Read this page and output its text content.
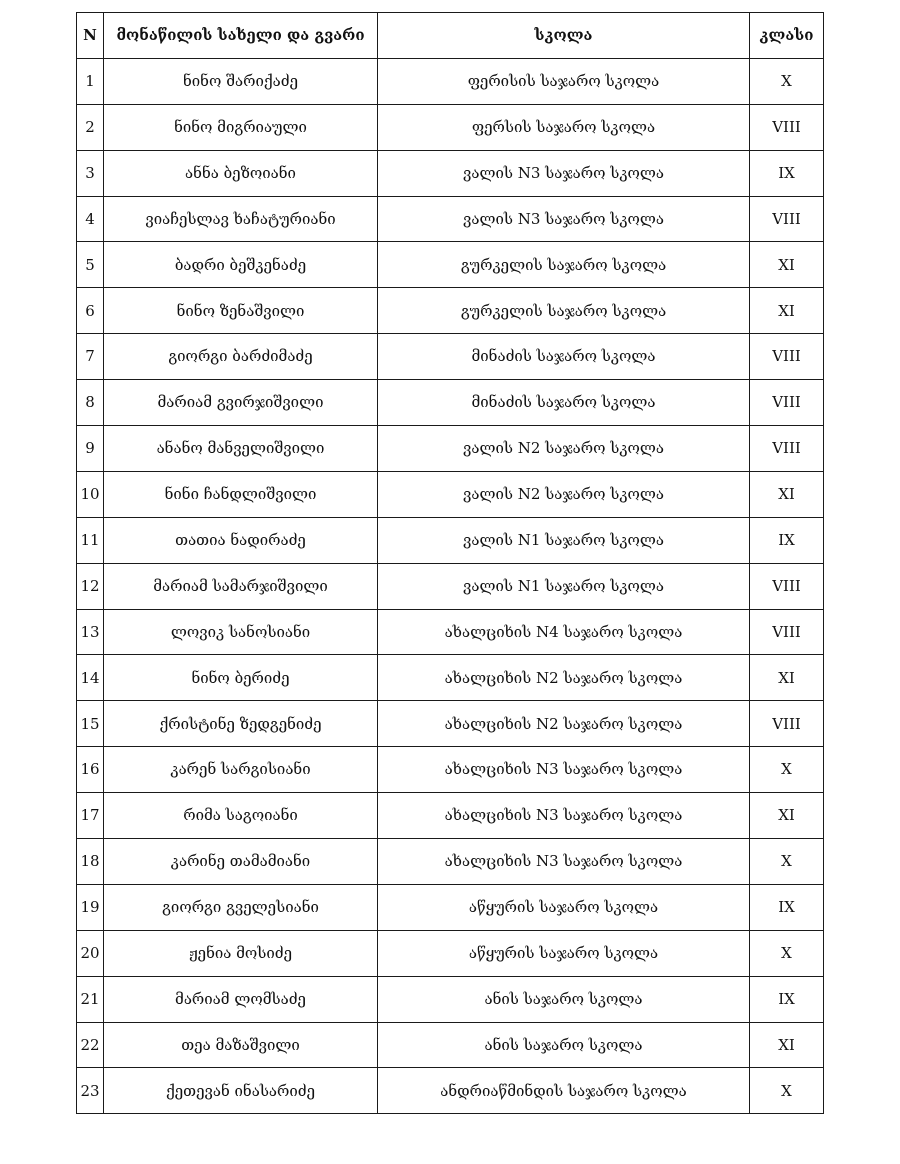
N	მონაწილის სახელი და გვარი	სკოლა	კლასი
1	ნინო შარიქაძე	ფერისის საჯარო სკოლა	X
2	ნინო მიგრიაული	ფერსის საჯარო სკოლა	VIII
3	ანნა ბეზოიანი	ვალის N3 საჯარო სკოლა	IX
4	ვიაჩესლავ ხაჩატურიანი	ვალის N3 საჯარო სკოლა	VIII
5	ბადრი ბეშკენაძე	გურკელის საჯარო სკოლა	XI
6	ნინო ზენაშვილი	გურკელის საჯარო სკოლა	XI
7	გიორგი ბარძიმაძე	მინაძის საჯარო სკოლა	VIII
8	მარიამ გვირჯიშვილი	მინაძის საჯარო სკოლა	VIII
9	ანანო მანველიშვილი	ვალის N2 საჯარო სკოლა	VIII
10	ნინი ჩანდლიშვილი	ვალის N2 საჯარო სკოლა	XI
11	თათია ნადირაძე	ვალის N1 საჯარო სკოლა	IX
12	მარიამ სამარჯიშვილი	ვალის N1 საჯარო სკოლა	VIII
13	ლოვიკ სანოსიანი	ახალციხის N4 საჯარო სკოლა	VIII
14	ნინო ბერიძე	ახალციხის N2 საჯარო სკოლა	XI
15	ქრისტინე ზედგენიძე	ახალციხის N2 საჯარო სკოლა	VIII
16	კარენ სარგისიანი	ახალციხის N3 საჯარო სკოლა	X
17	რიმა საგოიანი	ახალციხის N3 საჯარო სკოლა	XI
18	კარინე თამამიანი	ახალციხის N3 საჯარო სკოლა	X
19	გიორგი გველესიანი	აწყურის საჯარო სკოლა	IX
20	ჟენია მოსიძე	აწყურის საჯარო სკოლა	X
21	მარიამ ლომსაძე	ანის საჯარო სკოლა	IX
22	თეა მაზაშვილი	ანის საჯარო სკოლა	XI
23	ქეთევან ინასარიძე	ანდრიაწმინდის საჯარო სკოლა	X
